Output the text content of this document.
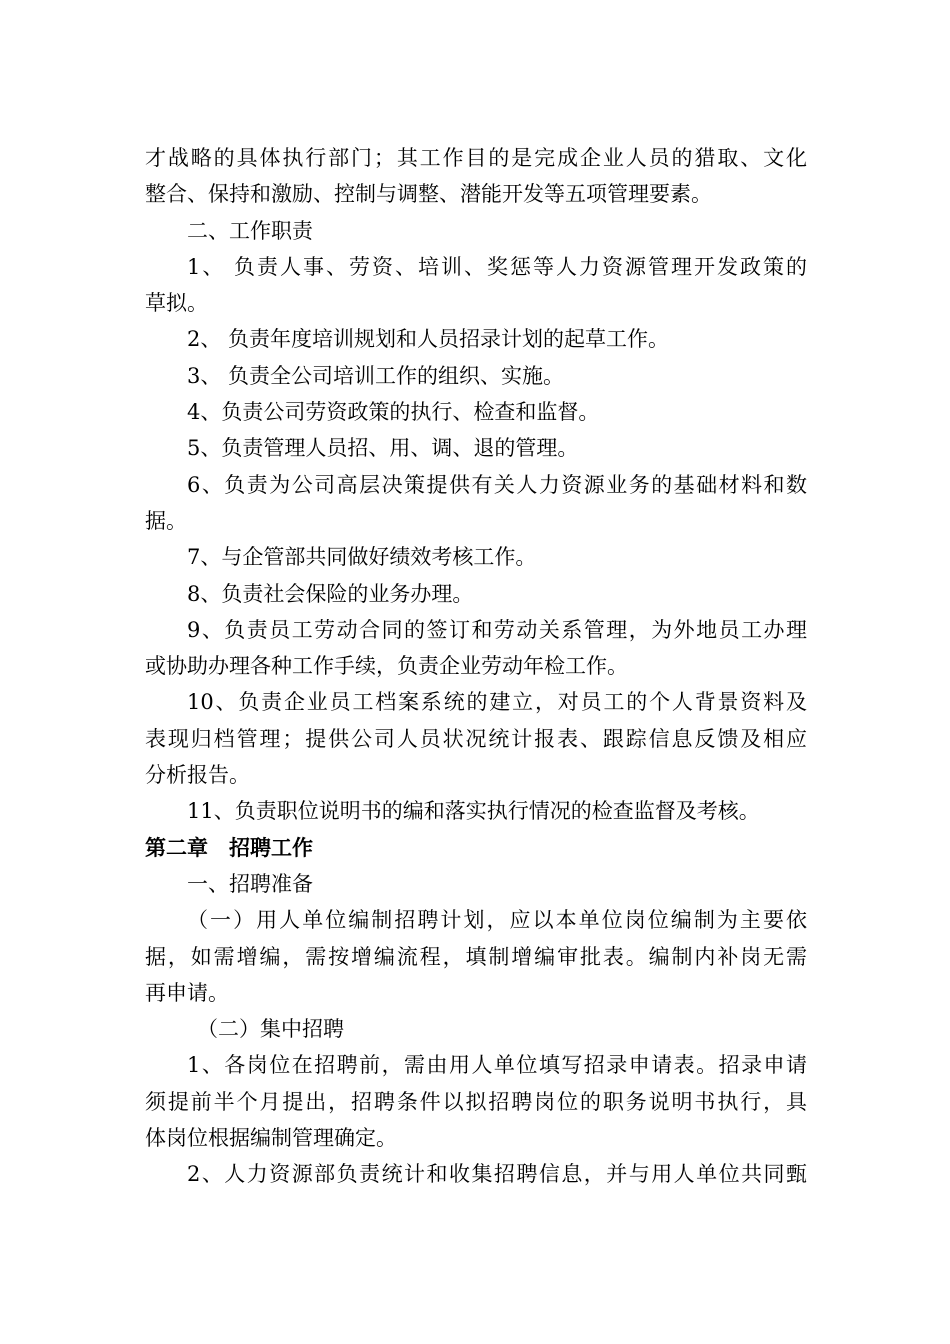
才战略的具体执行部门；其工作目的是完成企业人员的猎取、文化
整合、保持和激励、控制与调整、潜能开发等五项管理要素。
二、工作职责
1、 负责人事、劳资、培训、奖惩等人力资源管理开发政策的
草拟。
2、 负责年度培训规划和人员招录计划的起草工作。
3、 负责全公司培训工作的组织、实施。
4、负责公司劳资政策的执行、检查和监督。
5、负责管理人员招、用、调、退的管理。
6、负责为公司高层决策提供有关人力资源业务的基础材料和数
据。
7、与企管部共同做好绩效考核工作。
8、负责社会保险的业务办理。
9、负责员工劳动合同的签订和劳动关系管理，为外地员工办理
或协助办理各种工作手续，负责企业劳动年检工作。
10、负责企业员工档案系统的建立，对员工的个人背景资料及
表现归档管理；提供公司人员状况统计报表、跟踪信息反馈及相应
分析报告。
11、负责职位说明书的编和落实执行情况的检查监督及考核。
第二章　招聘工作
一、招聘准备
（一）用人单位编制招聘计划，应以本单位岗位编制为主要依
据，如需增编，需按增编流程，填制增编审批表。编制内补岗无需
再申请。
（二）集中招聘
1、各岗位在招聘前，需由用人单位填写招录申请表。招录申请
须提前半个月提出，招聘条件以拟招聘岗位的职务说明书执行，具
体岗位根据编制管理确定。
2、人力资源部负责统计和收集招聘信息，并与用人单位共同甄
